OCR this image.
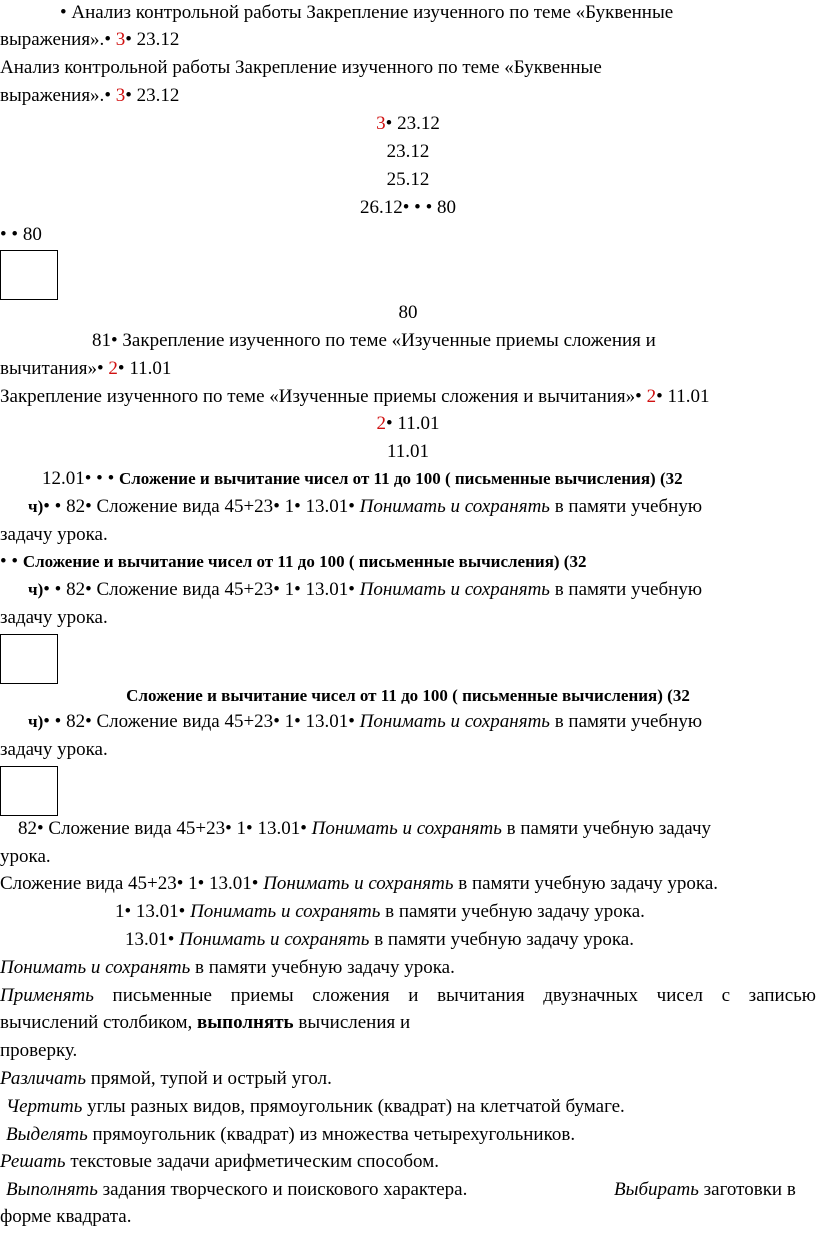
• Анализ контрольной работы Закрепление изученного по теме «Буквенные
выражения».• 3• 23.12
Анализ контрольной работы Закрепление изученного по теме «Буквенные
выражения».• 3• 23.12
3• 23.12
23.12
25.12
26.12• • • 80
• • 80
80
81• Закрепление изученного по теме «Изученные приемы сложения и
вычитания»• 2• 11.01
Закрепление изученного по теме «Изученные приемы сложения и вычитания»• 2• 11.01
2• 11.01
11.01
12.01• • • Сложение и вычитание чисел от 11 до 100 ( письменные вычисления) (32
ч)• • 82• Сложение вида 45+23• 1• 13.01• Понимать и сохранять в памяти учебную
задачу урока.
• • Сложение и вычитание чисел от 11 до 100 ( письменные вычисления) (32
ч)• • 82• Сложение вида 45+23• 1• 13.01• Понимать и сохранять в памяти учебную
задачу урока.
Сложение и вычитание чисел от 11 до 100 ( письменные вычисления) (32
ч)• • 82• Сложение вида 45+23• 1• 13.01• Понимать и сохранять в памяти учебную
задачу урока.
82• Сложение вида 45+23• 1• 13.01• Понимать и сохранять в памяти учебную задачу
урока.
Сложение вида 45+23• 1• 13.01• Понимать и сохранять в памяти учебную задачу урока.
1• 13.01• Понимать и сохранять в памяти учебную задачу урока.
13.01• Понимать и сохранять в памяти учебную задачу урока.
Понимать и сохранять в памяти учебную задачу урока.
Применять письменные приемы сложения и вычитания двузначных чисел с записью
вычислений столбиком, выполнять вычисления и
проверку.
Различать прямой, тупой и острый угол.
Чертить углы разных видов, прямоугольник (квадрат) на клетчатой бумаге.
Выделять прямоугольник (квадрат) из множества четырехугольников.
Решать текстовые задачи арифметическим способом.
Выполнять задания творческого и поискового характера.	Выбирать заготовки в
форме квадрата.
